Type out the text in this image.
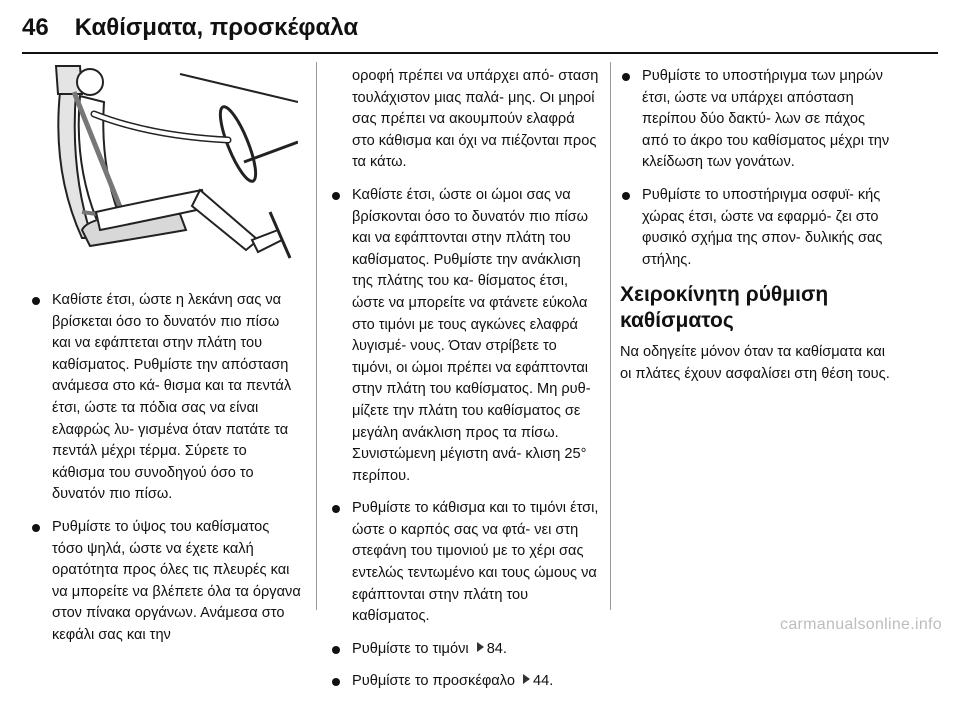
46 Καθίσματα, προσκέφαλα
Καθίστε έτσι, ώστε η λεκάνη σας να βρίσκεται όσο το δυνατόν πιο πίσω και να εφάπτεται στην πλάτη του καθίσματος. Ρυθμίστε την απόσταση ανάμεσα στο κά- θισμα και τα πεντάλ έτσι, ώστε τα πόδια σας να είναι ελαφρώς λυ- γισμένα όταν πατάτε τα πεντάλ μέχρι τέρμα. Σύρετε το κάθισμα του συνοδηγού όσο το δυνατόν πιο πίσω.
Ρυθμίστε το ύψος του καθίσματος τόσο ψηλά, ώστε να έχετε καλή ορατότητα προς όλες τις πλευρές και να μπορείτε να βλέπετε όλα τα όργανα στον πίνακα οργάνων. Ανάμεσα στο κεφάλι σας και την
οροφή πρέπει να υπάρχει από- σταση τουλάχιστον μιας παλά- μης. Οι μηροί σας πρέπει να ακουμπούν ελαφρά στο κάθισμα και όχι να πιέζονται προς τα κάτω.
Καθίστε έτσι, ώστε οι ώμοι σας να βρίσκονται όσο το δυνατόν πιο πίσω και να εφάπτονται στην πλάτη του καθίσματος. Ρυθμίστε την ανάκλιση της πλάτης του κα- θίσματος έτσι, ώστε να μπορείτε να φτάνετε εύκολα στο τιμόνι με τους αγκώνες ελαφρά λυγισμέ- νους. Όταν στρίβετε το τιμόνι, οι ώμοι πρέπει να εφάπτονται στην πλάτη του καθίσματος. Μη ρυθ- μίζετε την πλάτη του καθίσματος σε μεγάλη ανάκλιση προς τα πίσω. Συνιστώμενη μέγιστη ανά- κλιση 25° περίπου.
Ρυθμίστε το κάθισμα και το τιμόνι έτσι, ώστε ο καρπός σας να φτά- νει στη στεφάνη του τιμονιού με το χέρι σας εντελώς τεντωμένο και τους ώμους να εφάπτονται στην πλάτη του καθίσματος.
Ρυθμίστε το τιμόνι 84.
Ρυθμίστε το προσκέφαλο 44.
Ρυθμίστε το υποστήριγμα των μηρών έτσι, ώστε να υπάρχει απόσταση περίπου δύο δακτύ- λων σε πάχος από το άκρο του καθίσματος μέχρι την κλείδωση των γονάτων.
Ρυθμίστε το υποστήριγμα οσφυϊ- κής χώρας έτσι, ώστε να εφαρμό- ζει στο φυσικό σχήμα της σπον- δυλικής σας στήλης.
Χειροκίνητη ρύθμιση καθίσματος
Να οδηγείτε μόνον όταν τα καθίσματα και οι πλάτες έχουν ασφαλίσει στη θέση τους.
carmanualsonline.info
